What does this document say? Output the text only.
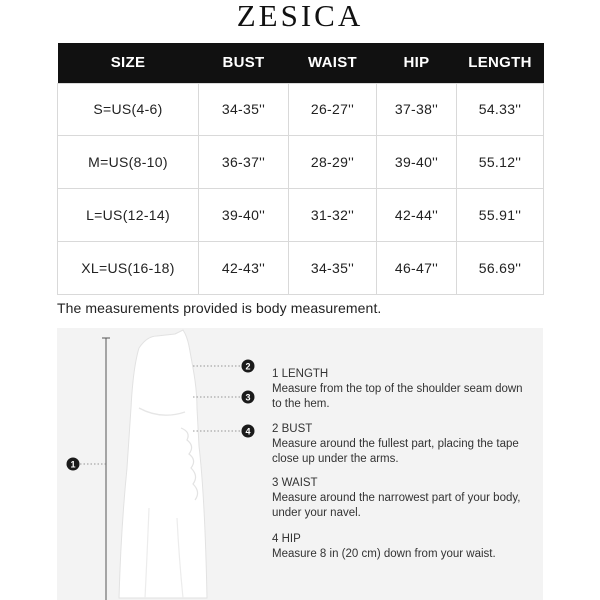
ZESICA
SIZE	BUST	WAIST	HIP	LENGTH
S=US(4-6)	34-35''	26-27''	37-38''	54.33''
M=US(8-10)	36-37''	28-29''	39-40''	55.12''
L=US(12-14)	39-40''	31-32''	42-44''	55.91''
XL=US(16-18)	42-43''	34-35''	46-47''	56.69''
The measurements provided is body measurement.
1
2
3
4
1 LENGTH
Measure from the top of the shoulder seam down to the hem.
2 BUST
Measure around the fullest part, placing the tape close up under the arms.
3 WAIST
Measure around the narrowest part of your body, under your navel.
4 HIP
Measure 8 in (20 cm) down from your waist.
